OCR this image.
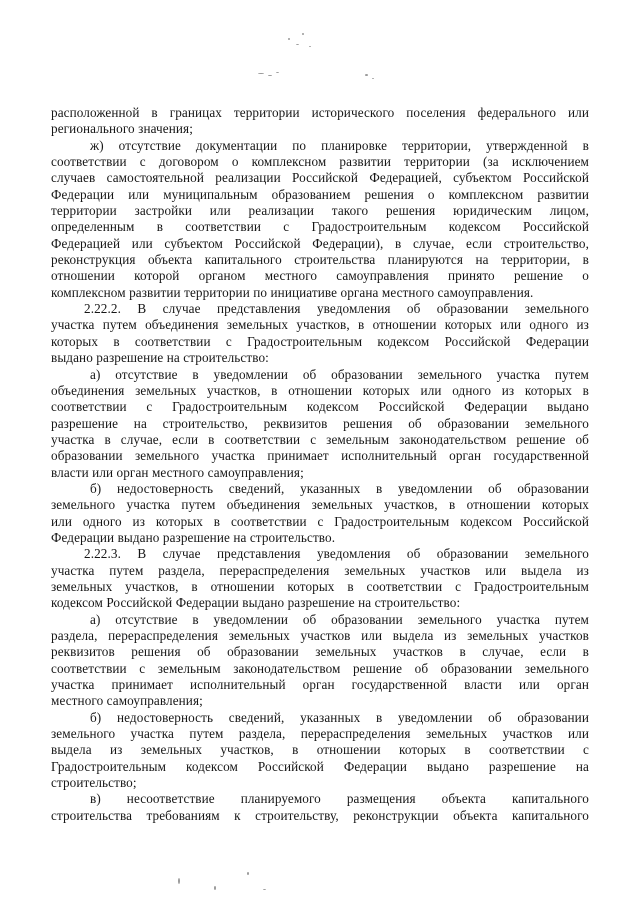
расположенной в границах территории исторического поселения федерального или
регионального значения;

ж) отсутствие документации по планировке территории, утвержденной в
соответствии с договором о комплексном развитии территории (за исключением
случаев самостоятельной реализации Российской Федерацией, субъектом Российской
Федерации или муниципальным образованием решения о комплексном развитии
территории застройки или реализации такого решения юридическим лицом,
определенным в соответствии с Градостроительным кодексом Российской
Федерацией или субъектом Российской Федерации), в случае, если строительство,
реконструкция объекта капитального строительства планируются на территории, в
отношении которой органом местного самоуправления принято решение о
комплексном развитии территории по инициативе органа местного самоуправления.

2.22.2. В случае представления уведомления об образовании земельного
участка путем объединения земельных участков, в отношении которых или одного из
которых в соответствии с Градостроительным кодексом Российской Федерации
выдано разрешение на строительство:

а) отсутствие в уведомлении об образовании земельного участка путем
объединения земельных участков, в отношении которых или одного из которых в
соответствии с Градостроительным кодексом Российской Федерации выдано
разрешение на строительство, реквизитов решения об образовании земельного
участка в случае, если в соответствии с земельным законодательством решение об
образовании земельного участка принимает исполнительный орган государственной
власти или орган местного самоуправления;

б) недостоверность сведений, указанных в уведомлении об образовании
земельного участка путем объединения земельных участков, в отношении которых
или одного из которых в соответствии с Градостроительным кодексом Российской
Федерации выдано разрешение на строительство.

2.22.3. В случае представления уведомления об образовании земельного
участка путем раздела, перераспределения земельных участков или выдела из
земельных участков, в отношении которых в соответствии с Градостроительным
кодексом Российской Федерации выдано разрешение на строительство:

а) отсутствие в уведомлении об образовании земельного участка путем
раздела, перераспределения земельных участков или выдела из земельных участков
реквизитов решения об образовании земельных участков в случае, если в
соответствии с земельным законодательством решение об образовании земельного
участка принимает исполнительный орган государственной власти или орган
местного самоуправления;

б) недостоверность сведений, указанных в уведомлении об образовании
земельного участка путем раздела, перераспределения земельных участков или
выдела из земельных участков, в отношении которых в соответствии с
Градостроительным кодексом Российской Федерации выдано разрешение на
строительство;

в) несоответствие планируемого размещения объекта капитального
строительства требованиям к строительству, реконструкции объекта капитального
